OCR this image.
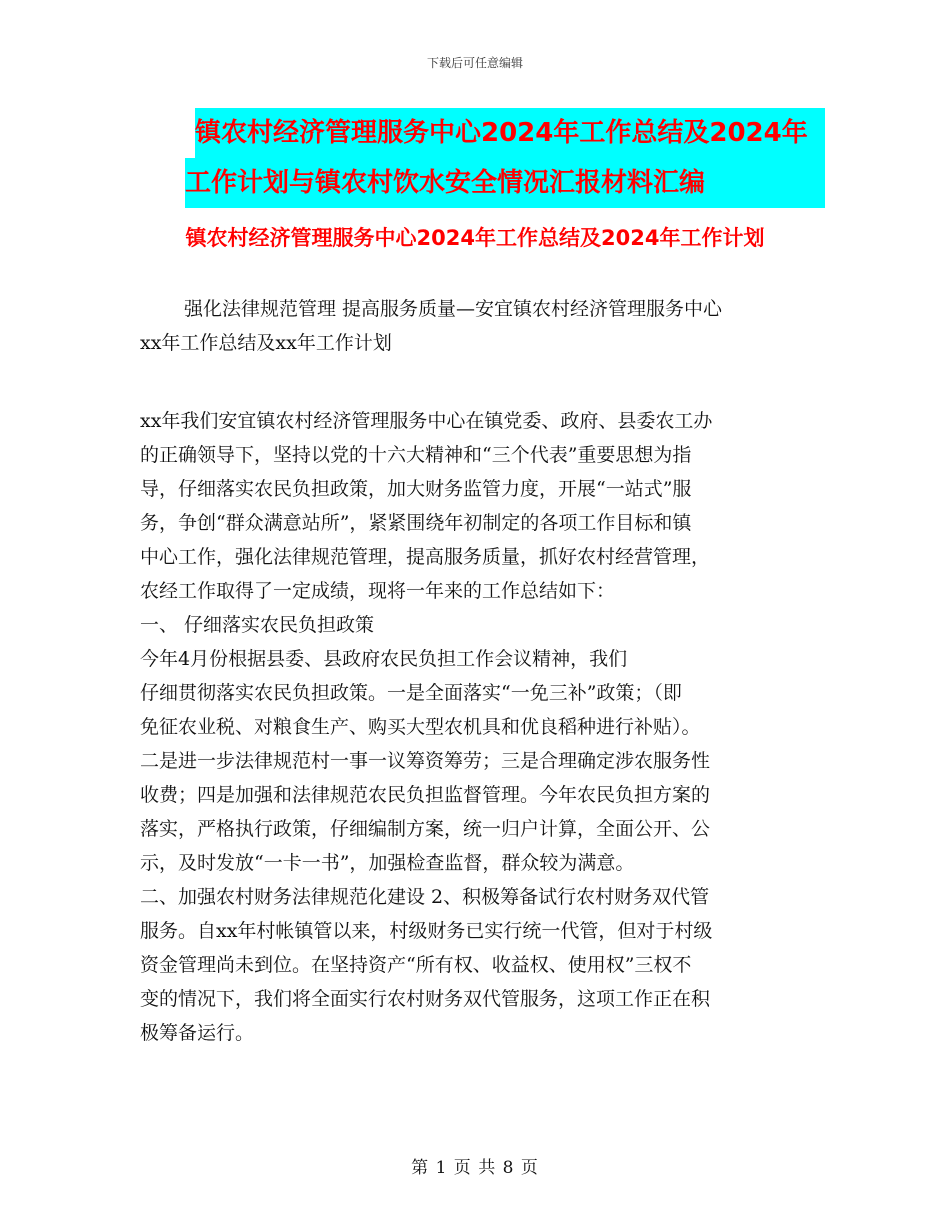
下载后可任意编辑
镇农村经济管理服务中心2024年工作总结及2024年
工作计划与镇农村饮水安全情况汇报材料汇编
镇农村经济管理服务中心2024年工作总结及2024年工作计划

强化法律规范管理 提高服务质量—安宜镇农村经济管理服务中心

xx年工作总结及xx年工作计划

xx年我们安宜镇农村经济管理服务中心在镇党委、政府、县委农工办

的正确领导下，坚持以党的十六大精神和“三个代表”重要思想为指

导，仔细落实农民负担政策，加大财务监管力度，开展“一站式”服

务，争创“群众满意站所”，紧紧围绕年初制定的各项工作目标和镇

中心工作，强化法律规范管理，提高服务质量，抓好农村经营管理，

农经工作取得了一定成绩，现将一年来的工作总结如下：

一、 仔细落实农民负担政策

今年4月份根据县委、县政府农民负担工作会议精神，我们

仔细贯彻落实农民负担政策。一是全面落实“一免三补”政策；（即

免征农业税、对粮食生产、购买大型农机具和优良稻种进行补贴）。

二是进一步法律规范村一事一议筹资筹劳；三是合理确定涉农服务性

收费；四是加强和法律规范农民负担监督管理。今年农民负担方案的

落实，严格执行政策，仔细编制方案，统一归户计算，全面公开、公

示，及时发放“一卡一书”，加强检查监督，群众较为满意。

二、加强农村财务法律规范化建设 2、积极筹备试行农村财务双代管

服务。自xx年村帐镇管以来，村级财务已实行统一代管，但对于村级

资金管理尚未到位。在坚持资产“所有权、收益权、使用权”三权不

变的情况下，我们将全面实行农村财务双代管服务，这项工作正在积

极筹备运行。

第 1 页 共 8 页
